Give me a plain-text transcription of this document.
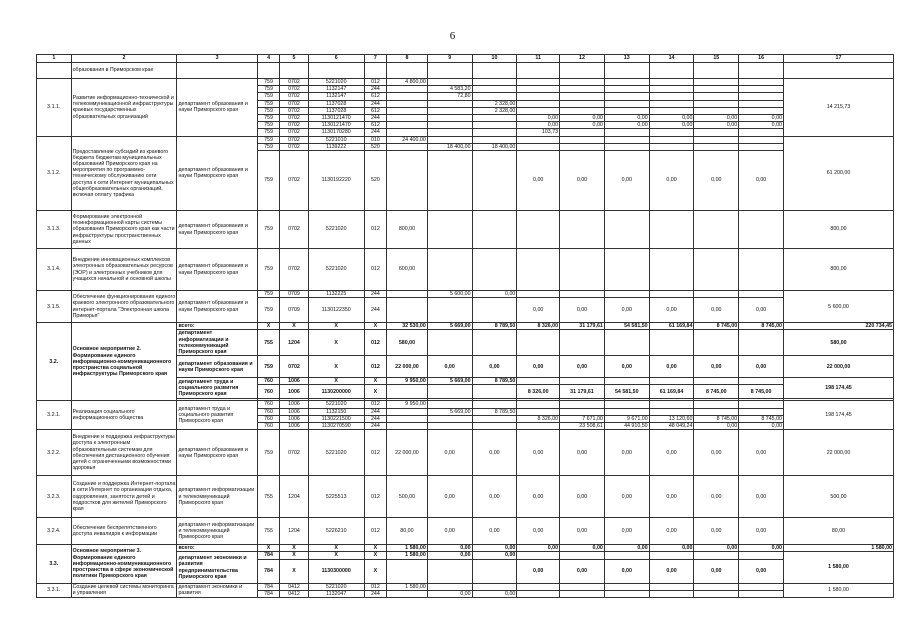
6
1	2	3	4	5	6	7	8	9	10	11	12	13	14	15	16	17
	образования в Приморском крае															
3.1.1.	Развитие информационно-технической и телекоммуникационной инфраструктуры краевых государственных образовательных организаций	департамент образования и науки Приморского края	759	0702	5221020	012	4 800,00									14 215,73
			759	0702	1132147	244		4 583,20								
			759	0702	1132147	612		72,80								
			759	0702	1137028	244			2 328,00							
			759	0702	1137028	612			2 328,00							
			759	0702	1130121470	244				0,00	0,00	0,00	0,00	0,00	0,00	
			759	0702	1130121470	612				0,00	0,00	0,00	0,00	0,00	0,00	
			759	0702	1130170280	244				103,73						
3.1.2.	Предоставление субсидий из краевого бюджета бюджетам муниципальных образований Приморского края на мероприятия по программно-техническому обслуживанию сети доступа к сети Интернет муниципальных общеобразовательных организаций, включая оплату трафика	департамент образования и науки Приморского края	759	0702	5221010	010	24 400,00									61 200,00
			759	0702	1139222	520		18 400,00	18 400,00							
			759	0702	1130192220	520				0,00	0,00	0,00	0,00	0,00	0,00	
3.1.3.	Формирование электронной геоинформационной карты системы образования Приморского края как части инфраструктуры пространственных данных	департамент образования и науки Приморского края	759	0702	5221020	012	800,00									800,00
3.1.4.	Внедрение инновационных комплексов электронных образовательных ресурсов (ЭОР) и электронных учебников для учащихся начальной и основной школы	департамент образования и науки Приморского края	759	0702	5221020	012	600,00									800,00
3.1.5.	Обеспечение функционирования единого краевого электронного образовательного интернет-портала "Электронная школа Приморья"	департамент образования и науки Приморского края	759	0709	1132225	244		5 600,00	0,00							5 600,00
			759	0709	1130122350	244				0,00	0,00	0,00	0,00	0,00	0,00	
3.2.	Основное мероприятие 2. Формирование единого информационно-коммуникационного пространства социальной инфраструктуры Приморского края	всего:	X	X	X	X	32 530,00	5 669,00	8 789,50	8 326,00	31 179,61	54 581,50	61 169,84	8 745,00	8 745,00	220 734,45
		департамент информатизации и телекоммуникаций Приморского края	755	1204	X	012	580,00									580,00
		департамент образования и науки Приморского края	759	0702	X	012	22 000,00	0,00	0,00	0,00	0,00	0,00	0,00	0,00	0,00	22 000,00
		департамент труда и социального развития Приморского края	760	1006	X	X	9 950,00	5 669,00	8 789,50							198 174,45
			760	1006	1130200000	X				8 326,00	31 179,61	54 581,50	61 169,84	8 745,00	8 745,00	

3.2.1.	Реализация социального информационного общества	департамент труда и социального развития Приморского края	760	1006	5221020	012	9 950,00									198 174,45
			760	1006	1132150	244		5 669,00	8 789,50							
			760	1006	1130221500	244				8 326,00	7 671,00	9 671,00	13 120,60	8 745,00	8 745,00	
			760	1006	1130270590	244					23 508,61	44 910,50	48 049,24	0,00	0,00	
3.2.2.	Внедрение и поддержка инфраструктуры доступа к электронным образовательным системам для обеспечения дистанционного обучения детей с ограниченными возможностями здоровья	департамент образования и науки Приморского края	759	0702	5221020	012	22 000,00	0,00	0,00	0,00	0,00	0,00	0,00	0,00	0,00	22 000,00
3.2.3.	Создание и поддержка Интернет-портала в сети Интернет по организации отдыха, оздоровления, занятости детей и подростков для жителей Приморского края	департамент информатизации и телекоммуникаций Приморского края	755	1204	5225513	012	500,00	0,00	0,00	0,00	0,00	0,00	0,00	0,00	0,00	500,00
3.2.4.	Обеспечение беспрепятственного доступа инвалидов к информации	департамент информатизации и телекоммуникаций Приморского края	755	1204	5226210	012	80,00	0,00	0,00	0,00	0,00	0,00	0,00	0,00	0,00	80,00
3.3.	Основное мероприятие 3. Формирование единого информационно-коммуникационного пространства в сфере экономической политики Приморского края	всего:	X	X	X	X	1 580,00	0,00	0,00	0,00	0,00	0,00	0,00	0,00	0,00	1 580,00
		департамент экономики и развития предпринимательства Приморского края	784	X	X	X	1 580,00	0,00	0,00							1 580,00
			784	X	1130300000	X				0,00	0,00	0,00	0,00	0,00	0,00	
3.3.1.	Создание целевой системы мониторинга и управления	департамент экономики и развития	784	0412	5221020	012	1 580,00									1 580,00
			784	0412	1132047	244		0,00	0,00							
